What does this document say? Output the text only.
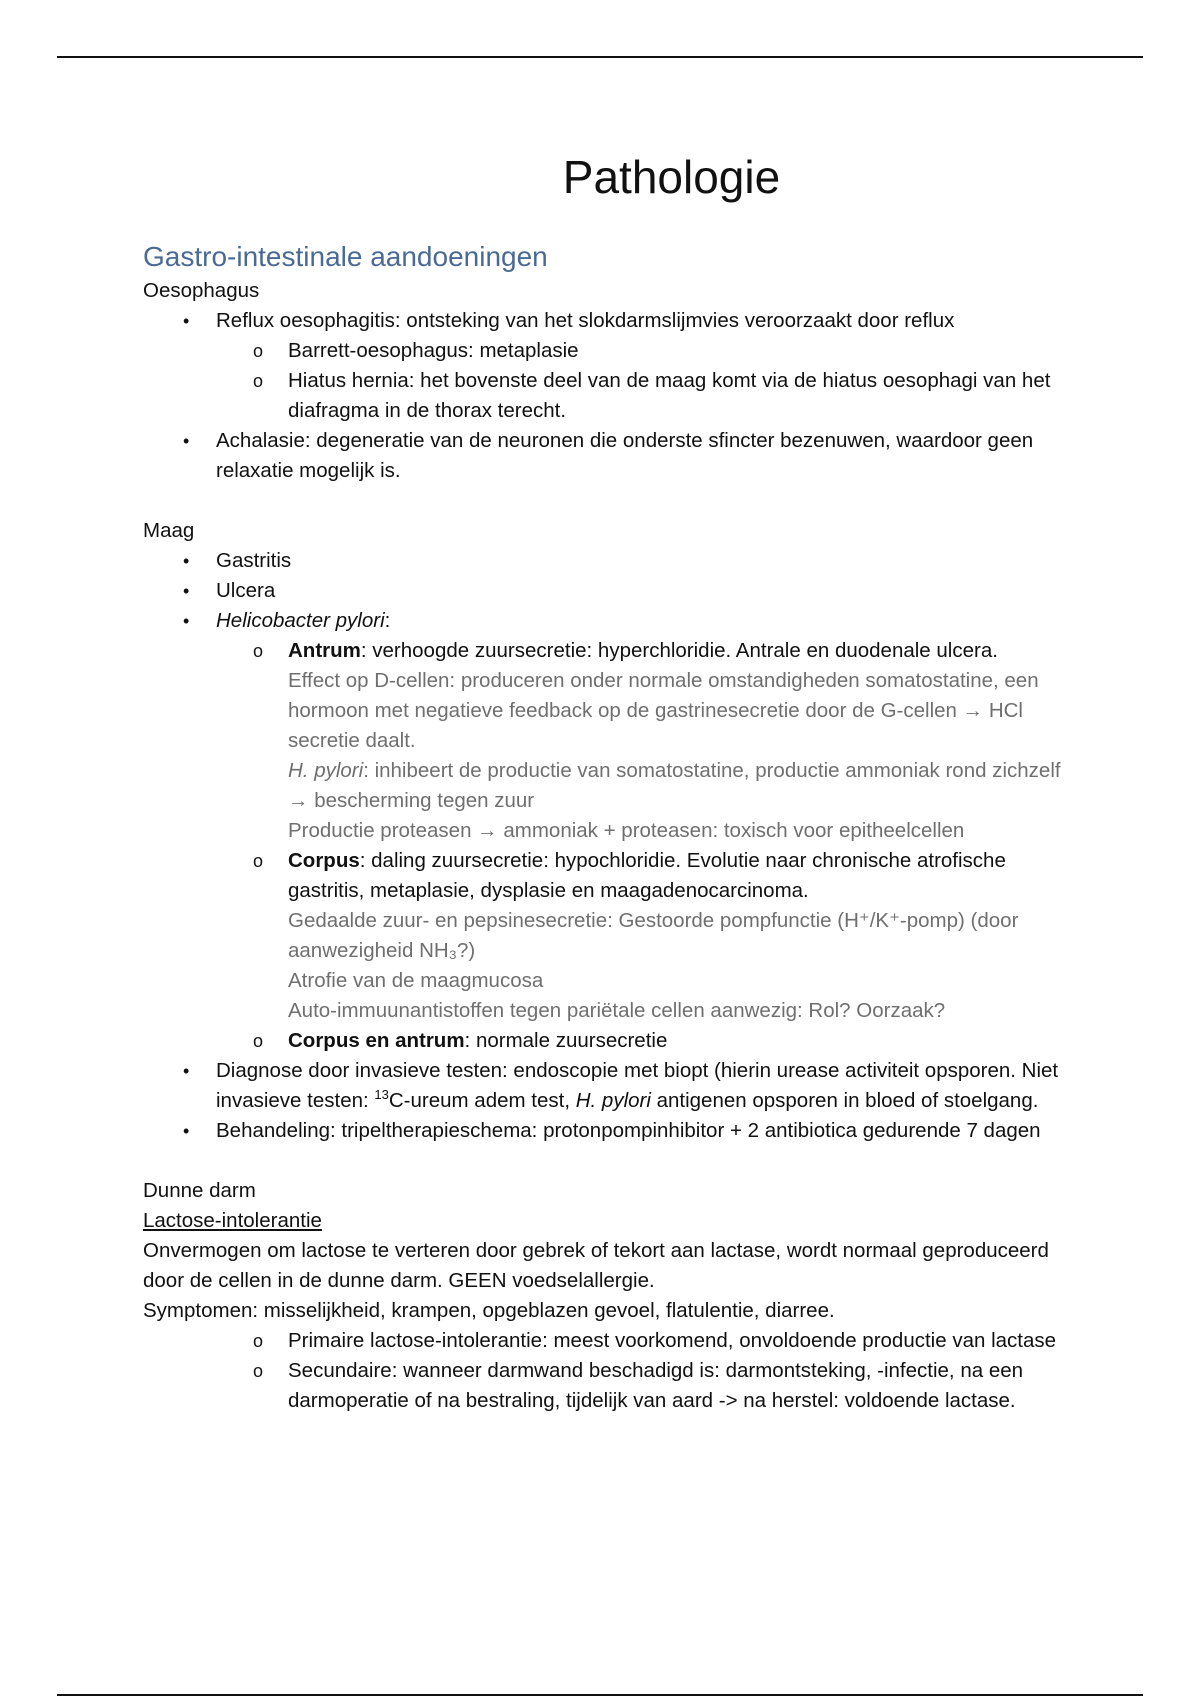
Pathologie
Gastro-intestinale aandoeningen

Oesophagus

• Reflux oesophagitis: ontsteking van het slokdarmslijmvies veroorzaakt door reflux
o Barrett-oesophagus: metaplasie
o Hiatus hernia: het bovenste deel van de maag komt via de hiatus oesophagi van het diafragma in de thorax terecht.
• Achalasie: degeneratie van de neuronen die onderste sfincter bezenuwen, waardoor geen relaxatie mogelijk is.

Maag

• Gastritis
• Ulcera
• Helicobacter pylori:
o Antrum: verhoogde zuursecretie: hyperchloridie. Antrale en duodenale ulcera.
Effect op D-cellen: produceren onder normale omstandigheden somatostatine, een hormoon met negatieve feedback op de gastrinesecretie door de G-cellen → HCl secretie daalt.
H. pylori: inhibeert de productie van somatostatine, productie ammoniak rond zichzelf → bescherming tegen zuur
Productie proteasen → ammoniak + proteasen: toxisch voor epitheelcellen
o Corpus: daling zuursecretie: hypochloridie. Evolutie naar chronische atrofische gastritis, metaplasie, dysplasie en maagadenocarcinoma.
Gedaalde zuur- en pepsinesecretie: Gestoorde pompfunctie (H⁺/K⁺-pomp) (door aanwezigheid NH₃?)
Atrofie van de maagmucosa
Auto-immuunantistoffen tegen pariëtale cellen aanwezig: Rol? Oorzaak?
o Corpus en antrum: normale zuursecretie
• Diagnose door invasieve testen: endoscopie met biopt (hierin urease activiteit opsporen. Niet invasieve testen: $^{13}$C-ureum adem test, H. pylori antigenen opsporen in bloed of stoelgang.
• Behandeling: tripeltherapieschema: protonpompinhibitor + 2 antibiotica gedurende 7 dagen

Dunne darm

Lactose-intolerantie

Onvermogen om lactose te verteren door gebrek of tekort aan lactase, wordt normaal geproduceerd door de cellen in de dunne darm. GEEN voedselallergie.

Symptomen: misselijkheid, krampen, opgeblazen gevoel, flatulentie, diarree.

o Primaire lactose-intolerantie: meest voorkomend, onvoldoende productie van lactase
o Secundaire: wanneer darmwand beschadigd is: darmontsteking, -infectie, na een darmoperatie of na bestraling, tijdelijk van aard -> na herstel: voldoende lactase.
